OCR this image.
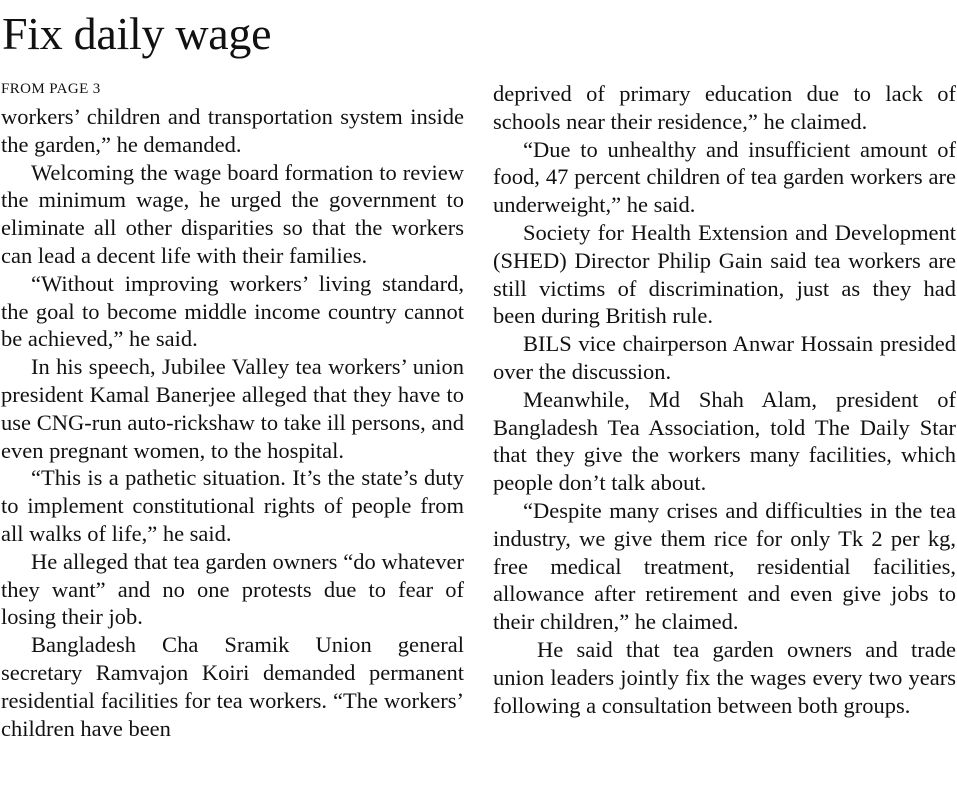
Fix daily wage
FROM PAGE 3

workers’ children and transportation system inside the garden,” he demanded.

Welcoming the wage board formation to review the minimum wage, he urged the government to eliminate all other disparities so that the workers can lead a decent life with their families.

“Without improving workers’ living standard, the goal to become middle income country cannot be achieved,” he said.

In his speech, Jubilee Valley tea workers’ union president Kamal Banerjee alleged that they have to use CNG-run auto-rickshaw to take ill persons, and even pregnant women, to the hospital.

“This is a pathetic situation. It’s the state’s duty to implement constitutional rights of people from all walks of life,” he said.

He alleged that tea garden owners “do whatever they want” and no one protests due to fear of losing their job.

Bangladesh Cha Sramik Union general secretary Ramvajon Koiri demanded permanent residential facilities for tea workers. “The workers’ children have been

deprived of primary education due to lack of schools near their residence,” he claimed.

“Due to unhealthy and insufficient amount of food, 47 percent children of tea garden workers are underweight,” he said.

Society for Health Extension and Development (SHED) Director Philip Gain said tea workers are still victims of discrimination, just as they had been during British rule.

BILS vice chairperson Anwar Hossain presided over the discussion.

Meanwhile, Md Shah Alam, president of Bangladesh Tea Association, told The Daily Star that they give the workers many facilities, which people don’t talk about.

“Despite many crises and difficulties in the tea industry, we give them rice for only Tk 2 per kg, free medical treatment, residential facilities, allowance after retirement and even give jobs to their children,” he claimed.

He said that tea garden owners and trade union leaders jointly fix the wages every two years following a consultation between both groups.
